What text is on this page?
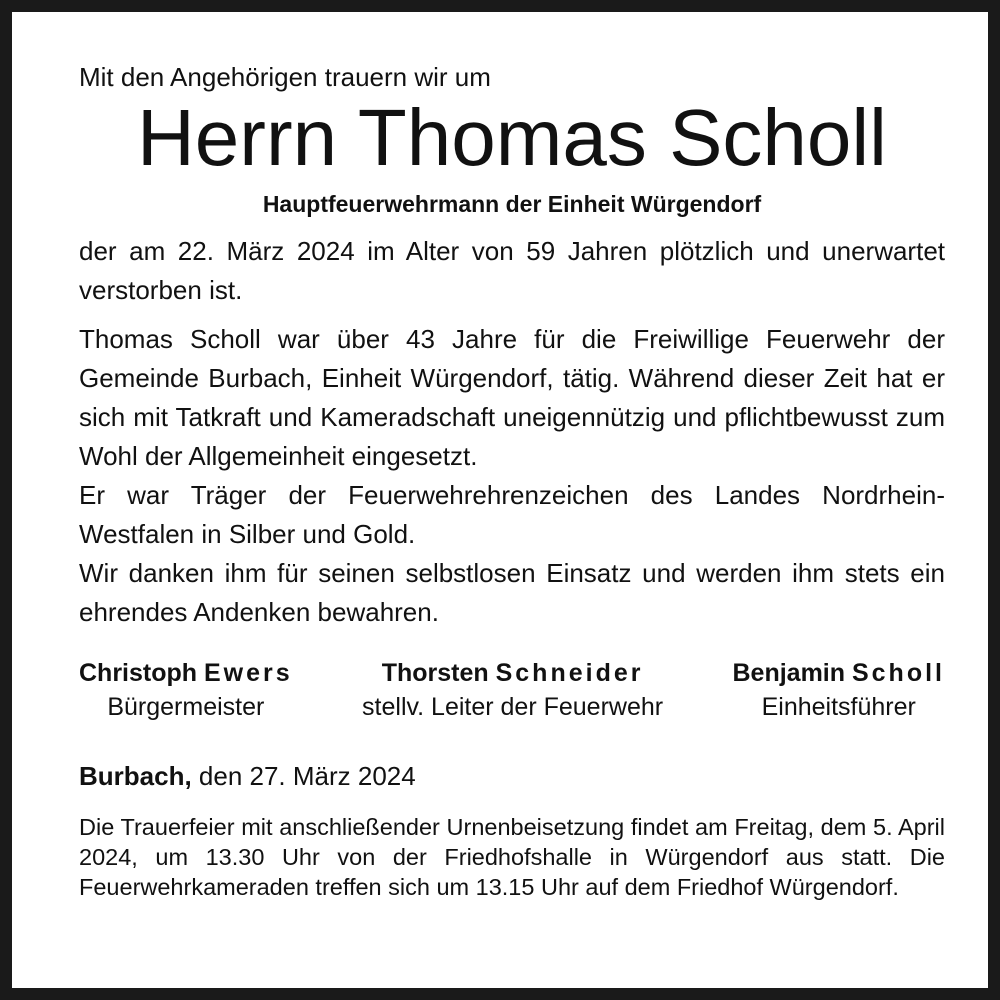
Mit den Angehörigen trauern wir um

Herrn Thomas Scholl

Hauptfeuerwehrmann der Einheit Würgendorf

der am 22. März 2024 im Alter von 59 Jahren plötzlich und unerwartet verstorben ist.

Thomas Scholl war über 43 Jahre für die Freiwillige Feuerwehr der Gemeinde Burbach, Einheit Würgendorf, tätig. Während dieser Zeit hat er sich mit Tatkraft und Kameradschaft uneigennützig und pflichtbewusst zum Wohl der Allgemeinheit eingesetzt.

Er war Träger der Feuerwehrehrenzeichen des Landes Nordrhein-Westfalen in Silber und Gold.

Wir danken ihm für seinen selbstlosen Einsatz und werden ihm stets ein ehrendes Andenken bewahren.

Christoph Ewers
Bürgermeister
Thorsten Schneider
stellv. Leiter der Feuerwehr
Benjamin Scholl
Einheitsführer
Burbach, den 27. März 2024

Die Trauerfeier mit anschließender Urnenbeisetzung findet am Freitag, dem 5. April 2024, um 13.30 Uhr von der Friedhofshalle in Würgendorf aus statt. Die Feuerwehrkameraden treffen sich um 13.15 Uhr auf dem Friedhof Würgendorf.
